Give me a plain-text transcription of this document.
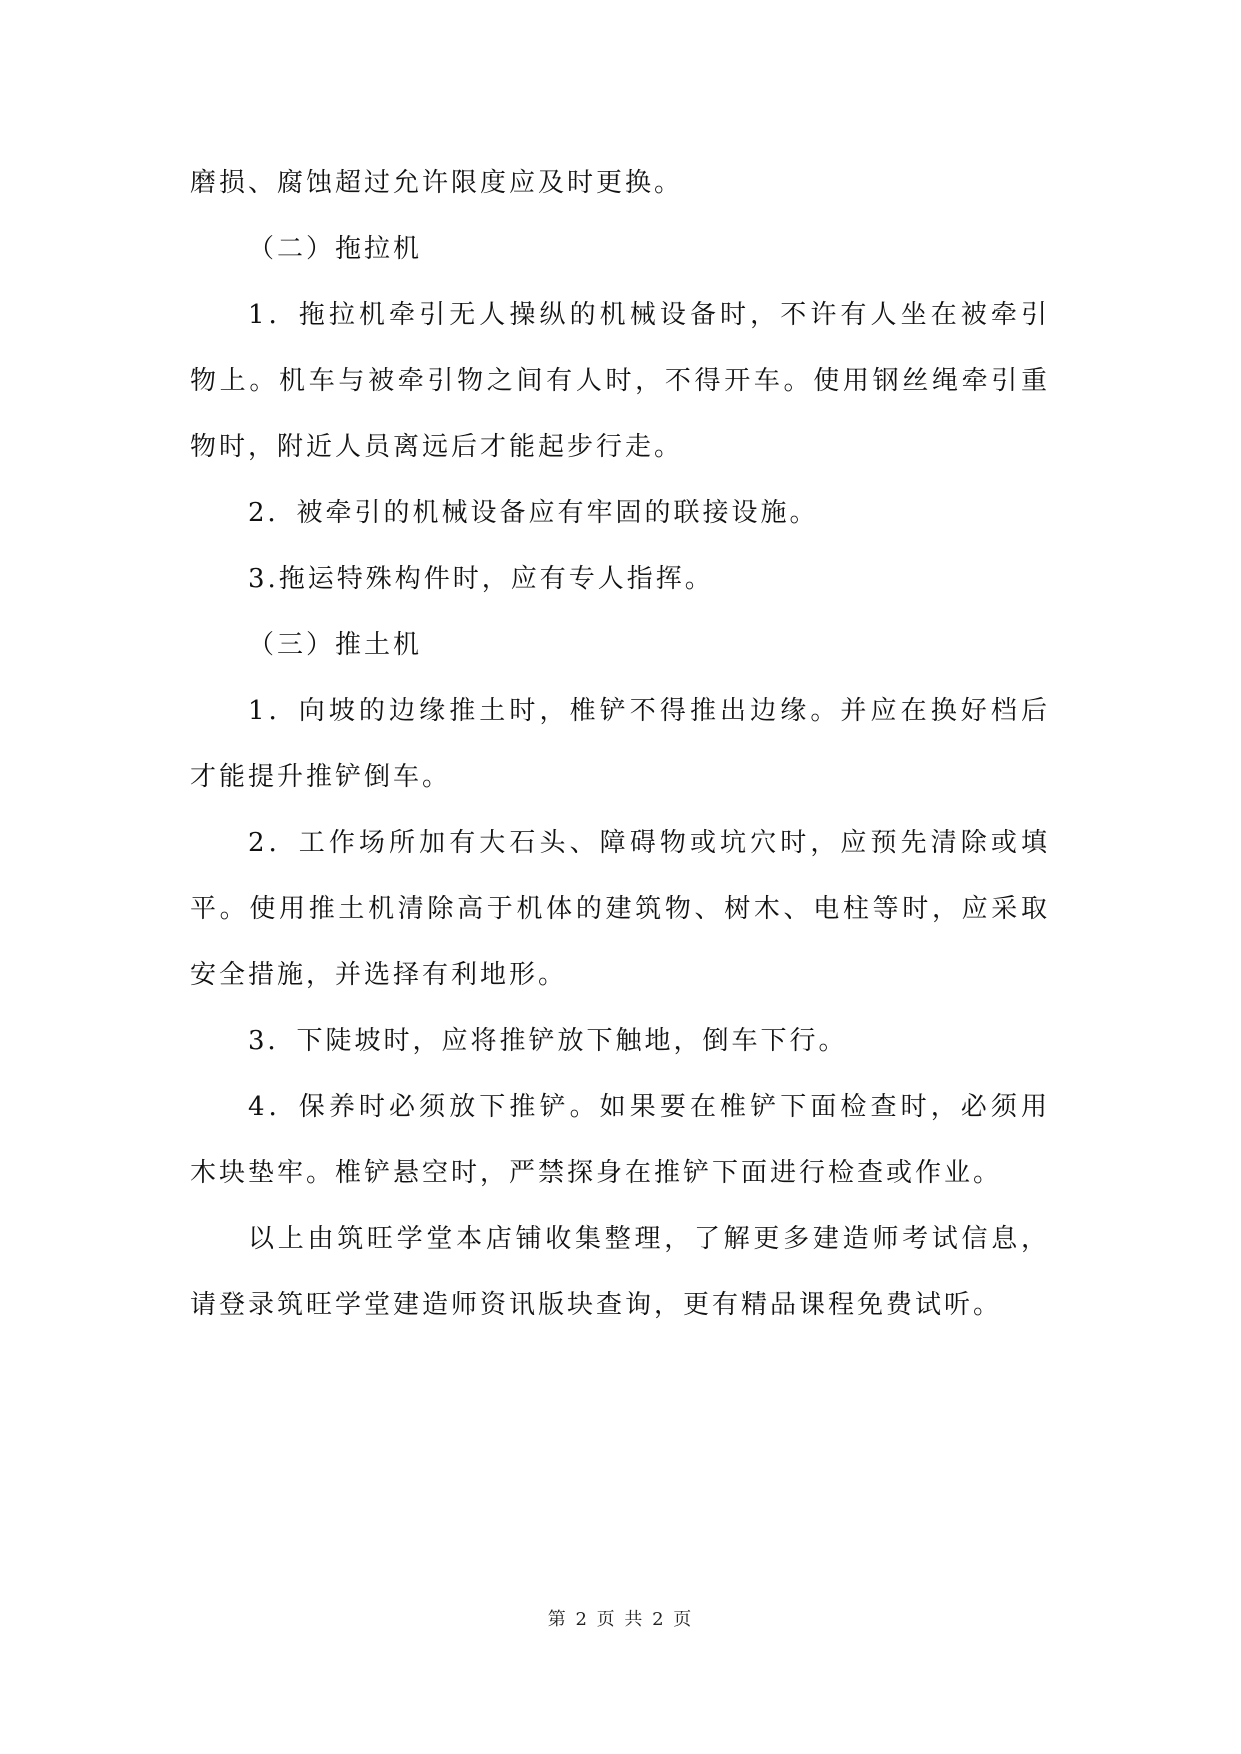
磨损、腐蚀超过允许限度应及时更换。

（二）拖拉机

1．拖拉机牵引无人操纵的机械设备时，不许有人坐在被牵引物上。机车与被牵引物之间有人时，不得开车。使用钢丝绳牵引重物时，附近人员离远后才能起步行走。

2．被牵引的机械设备应有牢固的联接设施。

3.拖运特殊构件时，应有专人指挥。

（三）推土机

1．向坡的边缘推土时，椎铲不得推出边缘。并应在换好档后才能提升推铲倒车。

2．工作场所加有大石头、障碍物或坑穴时，应预先清除或填平。使用推土机清除高于机体的建筑物、树木、电柱等时，应采取安全措施，并选择有利地形。

3．下陡坡时，应将推铲放下触地，倒车下行。

4．保养时必须放下推铲。如果要在椎铲下面检查时，必须用木块垫牢。椎铲悬空时，严禁探身在推铲下面进行检查或作业。

以上由筑旺学堂本店铺收集整理，了解更多建造师考试信息，请登录筑旺学堂建造师资讯版块查询，更有精品课程免费试听。

第 2 页 共 2 页
